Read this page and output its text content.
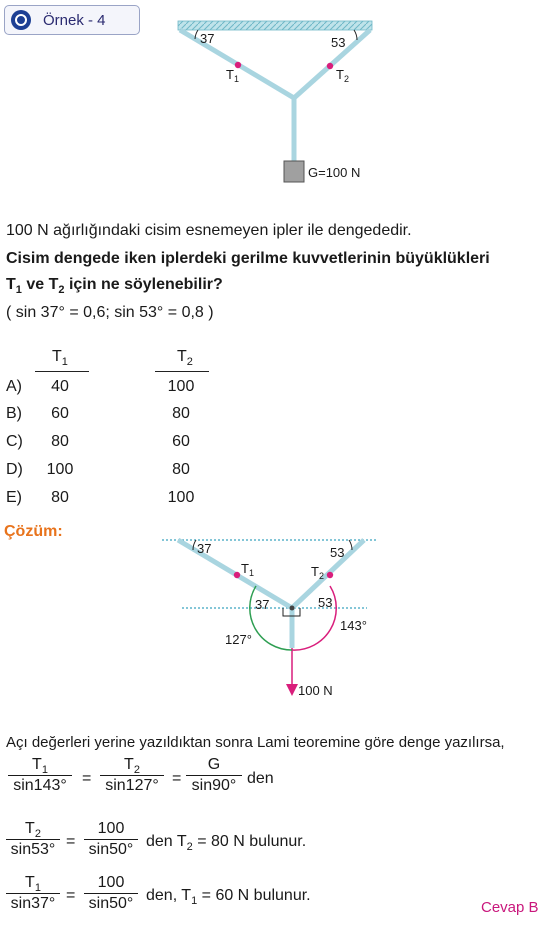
Örnek - 4
37	53
$T_1$	$T_2$
G=100 N
100 N ağırlığındaki cisim esnemeyen ipler ile dengededir.
Cisim dengede iken iplerdeki gerilme kuvvetlerinin büyüklükleri
$T_1$ ve $T_2$ için ne söylenebilir?
( sin 37° = 0,6; sin 53° = 0,8 )
$T_1$	$T_2$
A)	40	100
B)	60	80
C)	80	60
D)	100	80
E)	80	100
Çözüm:
37	53
37	53
127°
143°
$T_1$	$T_2$
100 N
Açı değerleri yerine yazıldıktan sonra Lami teoremine göre denge yazılırsa,
$\frac{T_1}{\sin 143^\circ} = \frac{T_2}{\sin 127^\circ} = \frac{G}{\sin 90^\circ}$ den
$\frac{T_2}{\sin 53^\circ} = \frac{100}{\sin 50^\circ}$ den $T_2 = 80$ N bulunur.
$\frac{T_1}{\sin 37^\circ} = \frac{100}{\sin 50^\circ}$ den, $T_1 = 60$ N bulunur.
Cevap B
